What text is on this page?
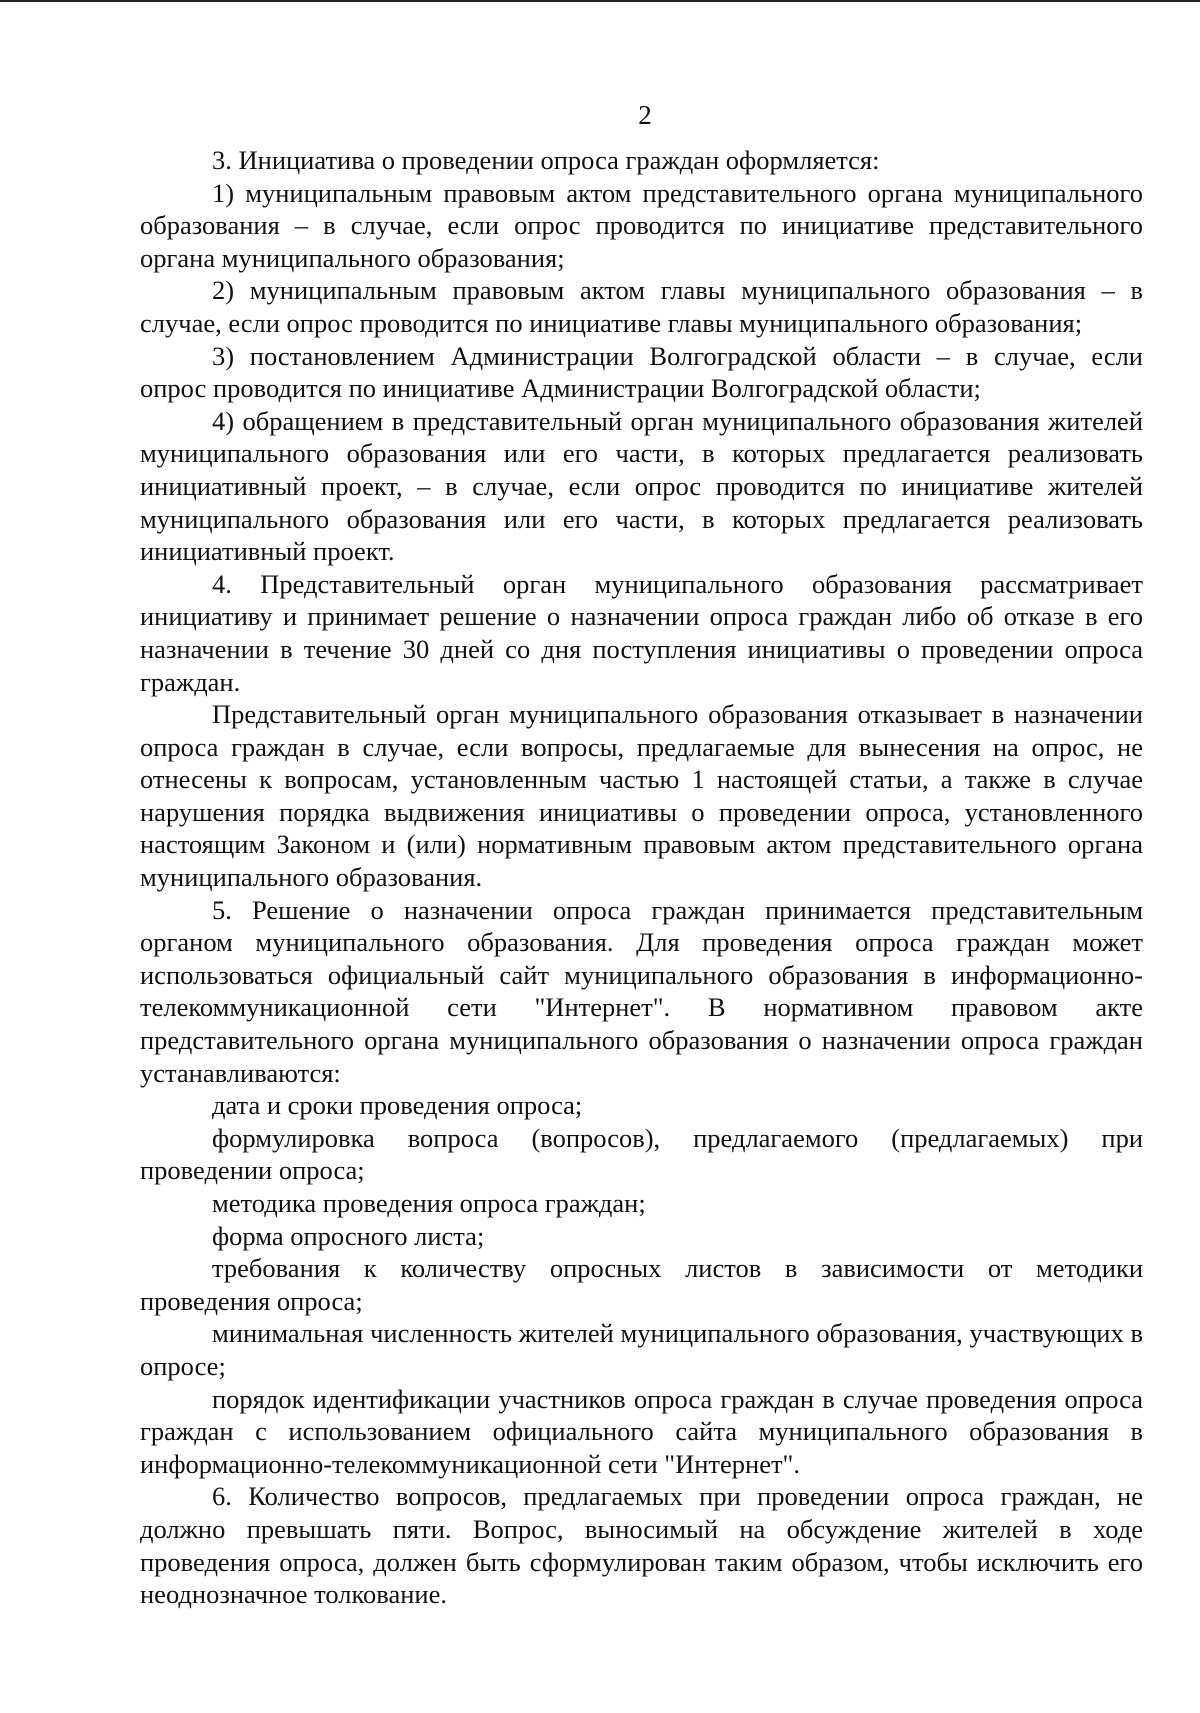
2

3. Инициатива о проведении опроса граждан оформляется:

1) муниципальным правовым актом представительного органа муниципального образования – в случае, если опрос проводится по инициативе представительного органа муниципального образования;

2) муниципальным правовым актом главы муниципального образования – в случае, если опрос проводится по инициативе главы муниципального образования;

3) постановлением Администрации Волгоградской области – в случае, если опрос проводится по инициативе Администрации Волгоградской области;

4) обращением в представительный орган муниципального образования жителей муниципального образования или его части, в которых предлагается реализовать инициативный проект, – в случае, если опрос проводится по инициативе жителей муниципального образования или его части, в которых предлагается реализовать инициативный проект.

4. Представительный орган муниципального образования рассматривает инициативу и принимает решение о назначении опроса граждан либо об отказе в его назначении в течение 30 дней со дня поступления инициативы о проведении опроса граждан.

Представительный орган муниципального образования отказывает в назначении опроса граждан в случае, если вопросы, предлагаемые для вынесения на опрос, не отнесены к вопросам, установленным частью 1 настоящей статьи, а также в случае нарушения порядка выдвижения инициативы о проведении опроса, установленного настоящим Законом и (или) нормативным правовым актом представительного органа муниципального образования.

5. Решение о назначении опроса граждан принимается представительным органом муниципального образования. Для проведения опроса граждан может использоваться официальный сайт муниципального образования в информационно-телекоммуникационной сети "Интернет". В нормативном правовом акте представительного органа муниципального образования о назначении опроса граждан устанавливаются:

дата и сроки проведения опроса;

формулировка вопроса (вопросов), предлагаемого (предлагаемых) при проведении опроса;

методика проведения опроса граждан;

форма опросного листа;

требования к количеству опросных листов в зависимости от методики проведения опроса;

минимальная численность жителей муниципального образования, участвующих в опросе;

порядок идентификации участников опроса граждан в случае проведения опроса граждан с использованием официального сайта муниципального образования в информационно-телекоммуникационной сети "Интернет".

6. Количество вопросов, предлагаемых при проведении опроса граждан, не должно превышать пяти. Вопрос, выносимый на обсуждение жителей в ходе проведения опроса, должен быть сформулирован таким образом, чтобы исключить его неоднозначное толкование.
